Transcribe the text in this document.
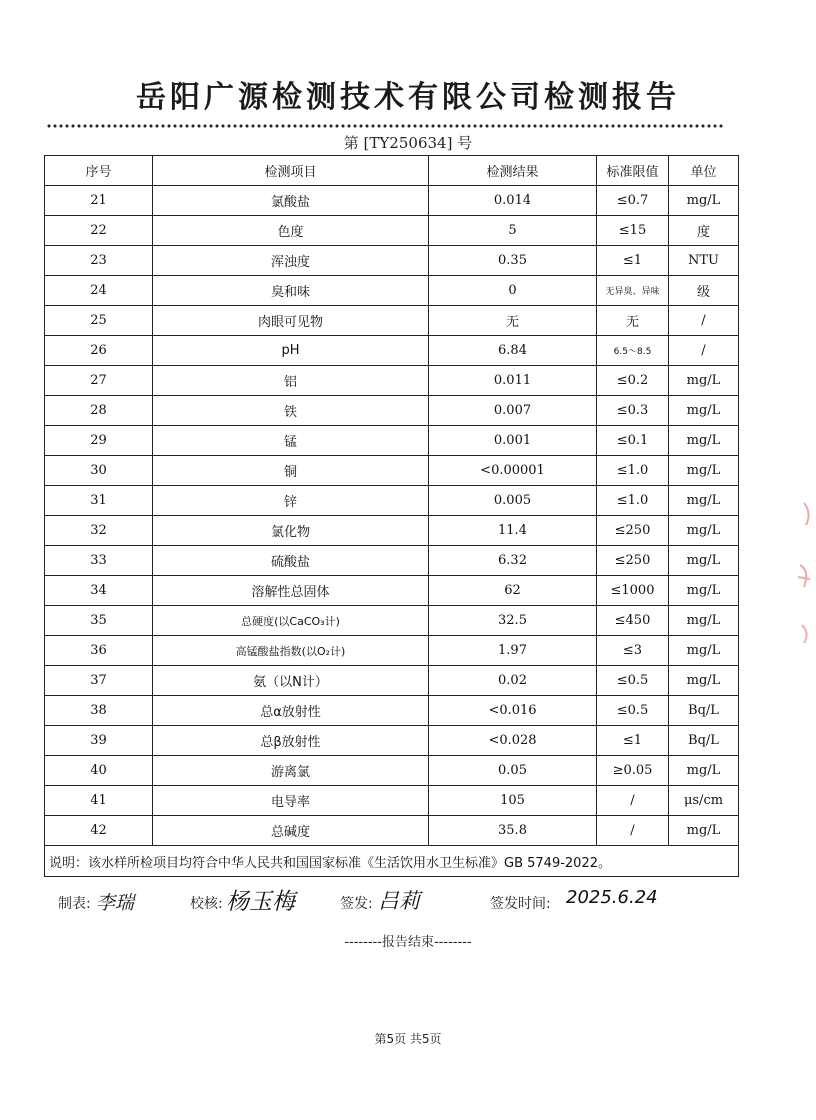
岳阳广源检测技术有限公司检测报告
第 [TY250634] 号
序号	检测项目	检测结果	标准限值	单位
21	氯酸盐	0.014	≤0.7	mg/L
22	色度	5	≤15	度
23	浑浊度	0.35	≤1	NTU
24	臭和味	0	无异臭、异味	级
25	肉眼可见物	无	无	/
26	pH	6.84	6.5～8.5	/
27	铝	0.011	≤0.2	mg/L
28	铁	0.007	≤0.3	mg/L
29	锰	0.001	≤0.1	mg/L
30	铜	<0.00001	≤1.0	mg/L
31	锌	0.005	≤1.0	mg/L
32	氯化物	11.4	≤250	mg/L
33	硫酸盐	6.32	≤250	mg/L
34	溶解性总固体	62	≤1000	mg/L
35	总硬度(以CaCO₃计)	32.5	≤450	mg/L
36	高锰酸盐指数(以O₂计)	1.97	≤3	mg/L
37	氨（以N计）	0.02	≤0.5	mg/L
38	总α放射性	<0.016	≤0.5	Bq/L
39	总β放射性	<0.028	≤1	Bq/L
40	游离氯	0.05	≥0.05	mg/L
41	电导率	105	/	μs/cm
42	总碱度	35.8	/	mg/L
说明：该水样所检项目均符合中华人民共和国国家标准《生活饮用水卫生标准》GB 5749-2022。				
制表: 李瑞	校核: 杨玉梅	签发: 吕莉	签发时间: 2025.6.24
--------报告结束--------
第5页 共5页
